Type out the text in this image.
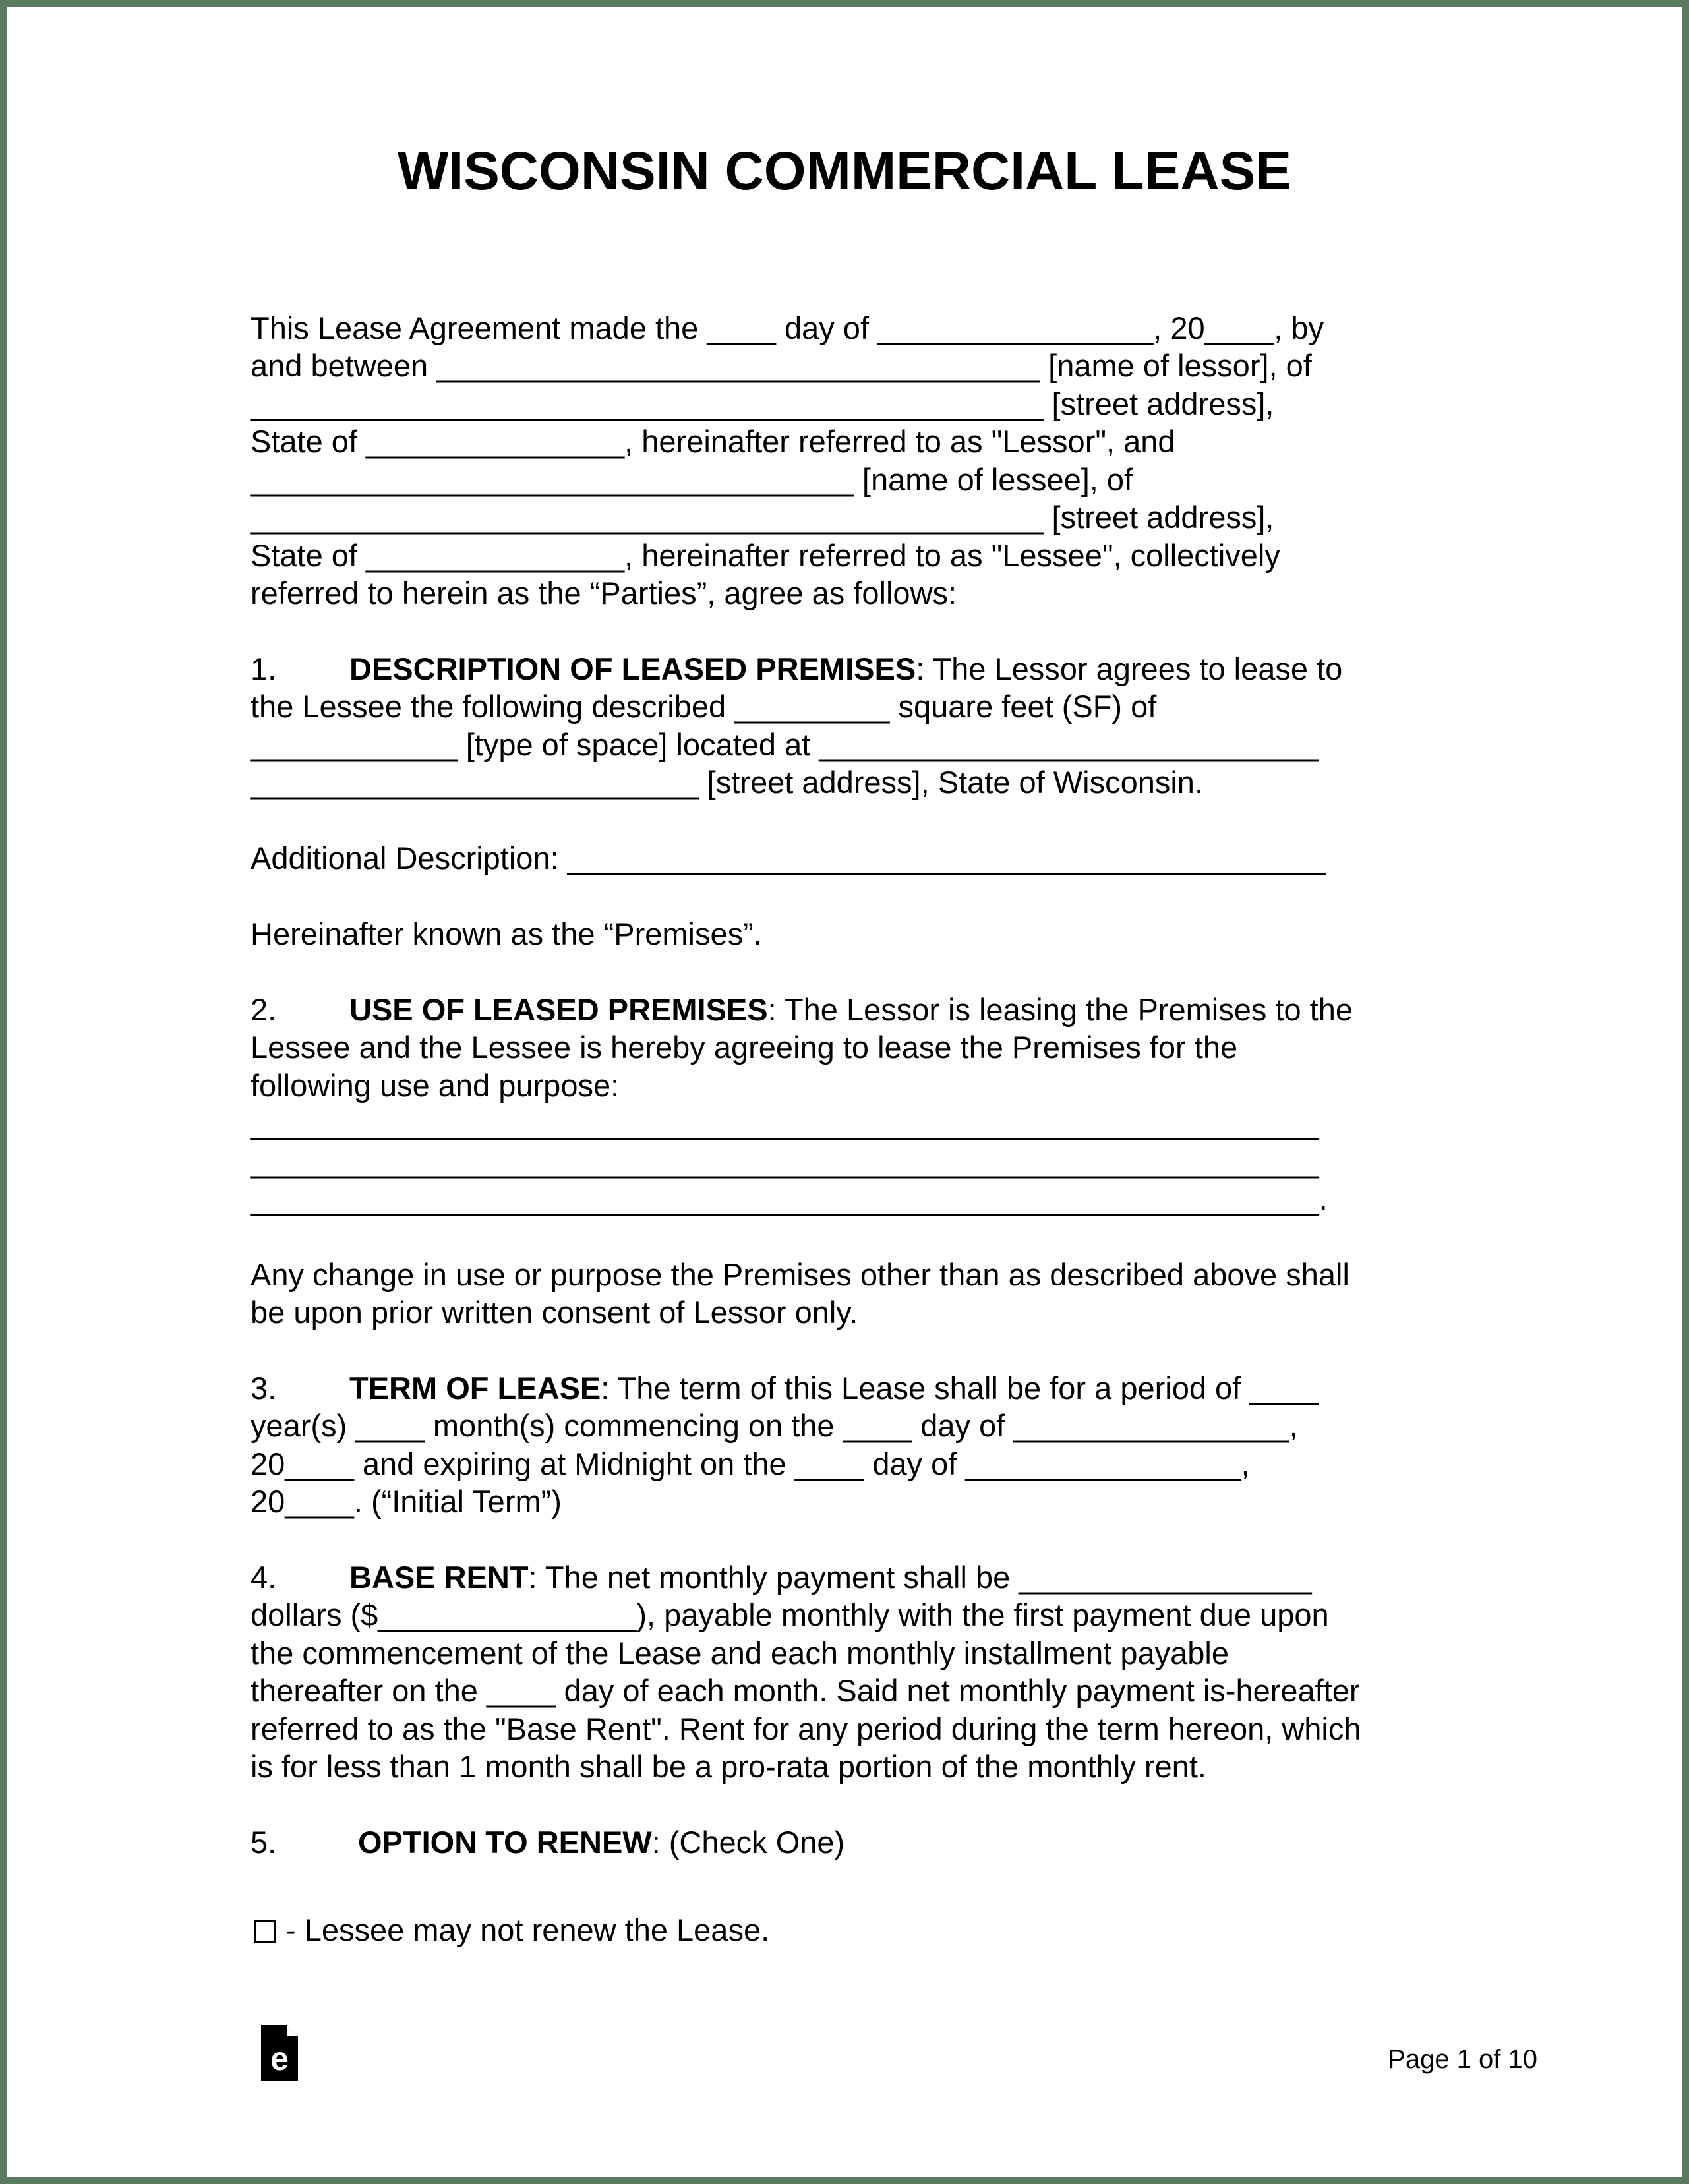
WISCONSIN COMMERCIAL LEASE
This Lease Agreement made the ____ day of ________________, 20____, by
and between ___________________________________ [name of lessor], of
______________________________________________ [street address],
State of _______________, hereinafter referred to as "Lessor", and
___________________________________ [name of lessee], of
______________________________________________ [street address],
State of _______________, hereinafter referred to as "Lessee", collectively
referred to herein as the “Parties”, agree as follows:
1. DESCRIPTION OF LEASED PREMISES: The Lessor agrees to lease to
the Lessee the following described _________ square feet (SF) of
____________ [type of space] located at _____________________________
__________________________ [street address], State of Wisconsin.
Additional Description: ____________________________________________
Hereinafter known as the “Premises”.
2. USE OF LEASED PREMISES: The Lessor is leasing the Premises to the
Lessee and the Lessee is hereby agreeing to lease the Premises for the
following use and purpose:
______________________________________________________________
______________________________________________________________
______________________________________________________________.
Any change in use or purpose the Premises other than as described above shall
be upon prior written consent of Lessor only.
3. TERM OF LEASE: The term of this Lease shall be for a period of ____
year(s) ____ month(s) commencing on the ____ day of ________________,
20____ and expiring at Midnight on the ____ day of ________________,
20____. (“Initial Term”)
4. BASE RENT: The net monthly payment shall be _________________
dollars ($_______________), payable monthly with the first payment due upon
the commencement of the Lease and each monthly installment payable
thereafter on the ____ day of each month. Said net monthly payment is-hereafter
referred to as the "Base Rent". Rent for any period during the term hereon, which
is for less than 1 month shall be a pro-rata portion of the monthly rent.
5.	OPTION TO RENEW: (Check One)
- Lessee may not renew the Lease.
e	Page 1 of 10
